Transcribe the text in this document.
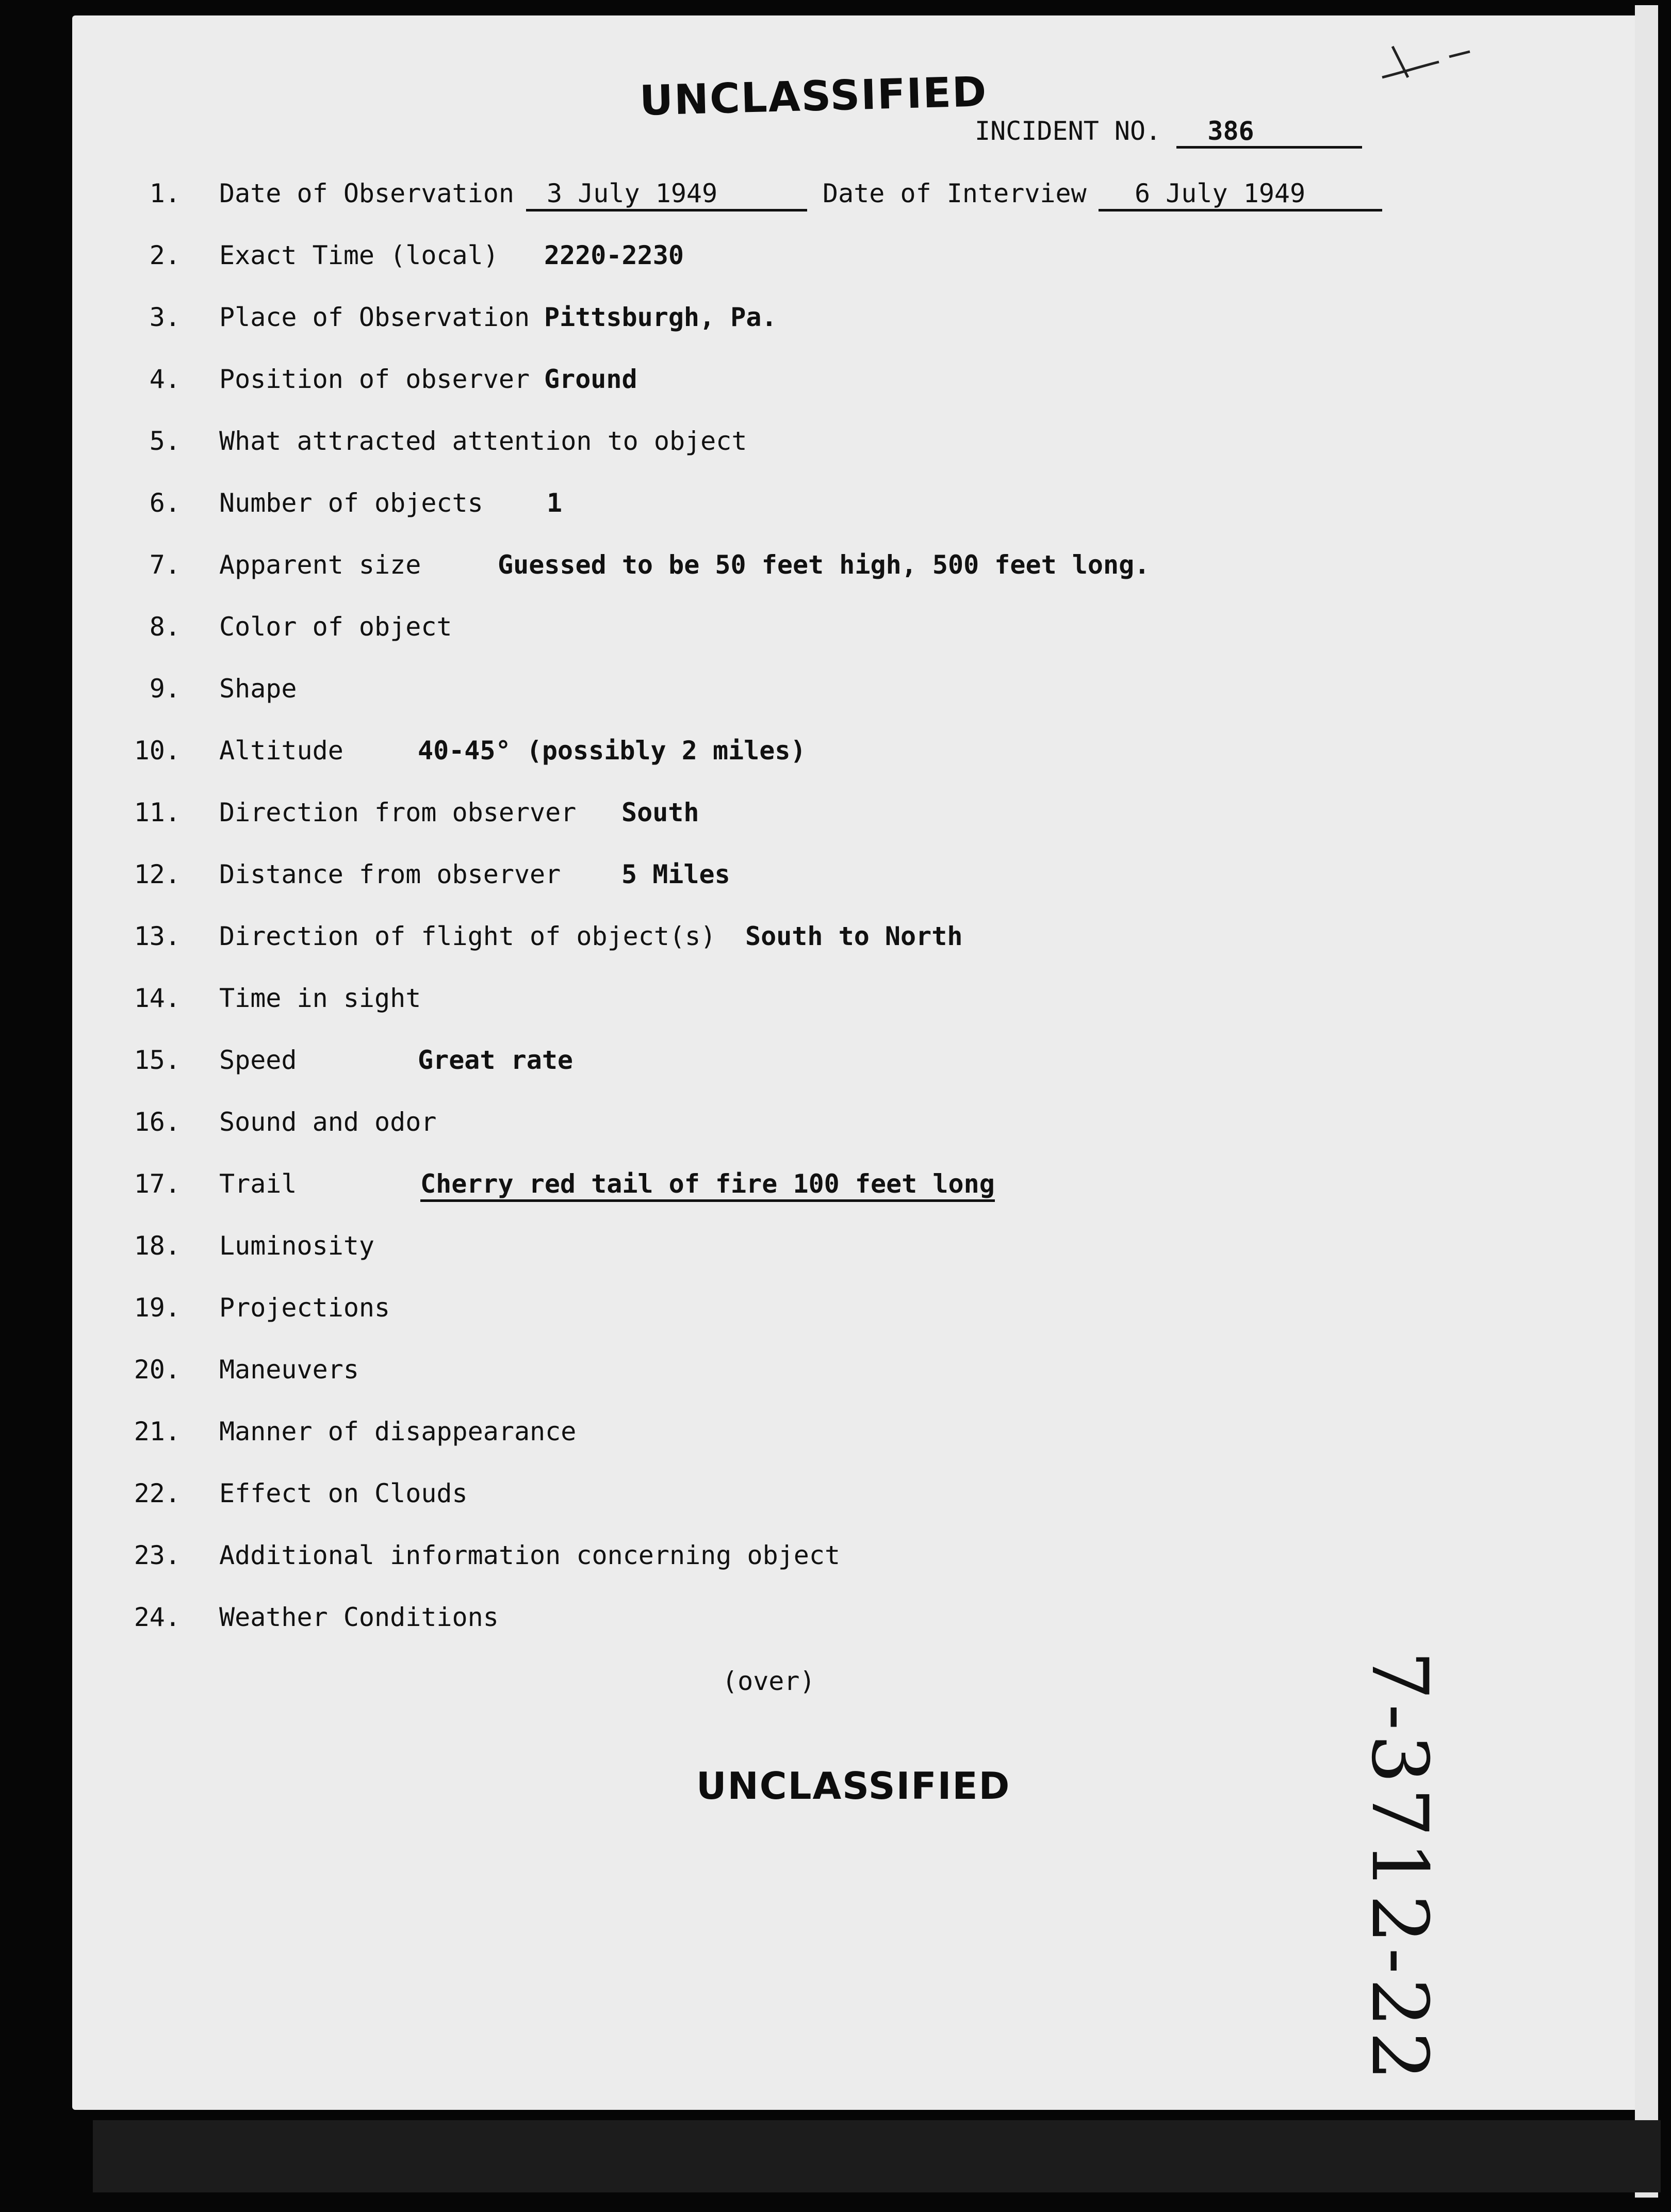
UNCLASSIFIED
INCIDENT NO. 386
1.	Date of Observation	3 July 1949	Date of Interview	6 July 1949
2.	Exact Time (local) 2220-2230
3.	Place of Observation Pittsburgh, Pa.
4.	Position of observer Ground
5.	What attracted attention to object
6.	Number of objects 1
7.	Apparent size	Guessed to be 50 feet high, 500 feet long.
8.	Color of object
9.	Shape
10.	Altitude	40-45° (possibly 2 miles)
11.	Direction from observer South
12.	Distance from observer 5 Miles
13.	Direction of flight of object(s) South to North
14.	Time in sight
15.	Speed	Great rate
16.	Sound and odor
17.	Trail	Cherry red tail of fire 100 feet long
18.	Luminosity
19.	Projections
20.	Maneuvers
21.	Manner of disappearance
22.	Effect on Clouds
23.	Additional information concerning object
24.	Weather Conditions
(over)
UNCLASSIFIED	7-3712-22
